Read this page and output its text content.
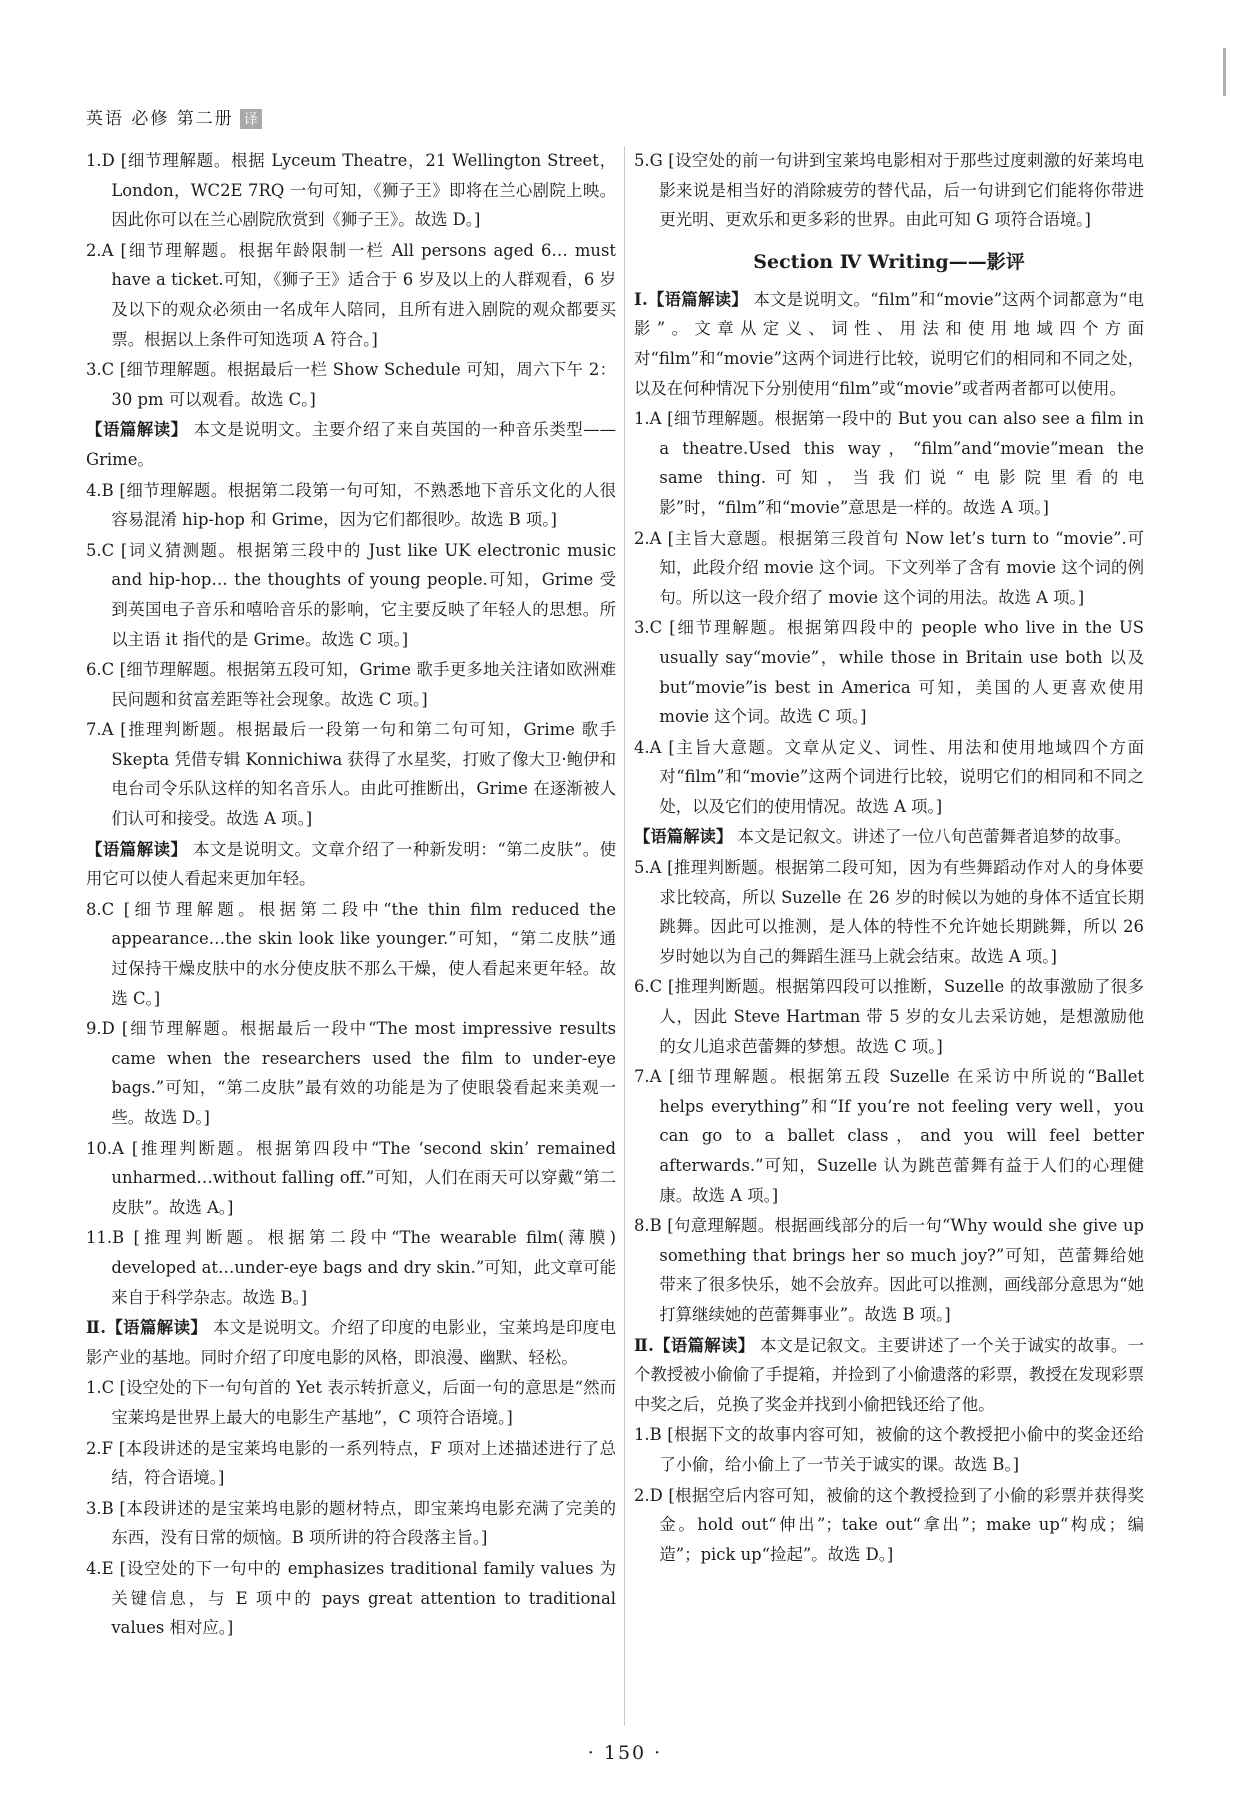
英语 必修 第二册 译
1.D [细节理解题。根据 Lyceum Theatre，21 Wellington Street，London，WC2E 7RQ 一句可知，《狮子王》即将在兰心剧院上映。因此你可以在兰心剧院欣赏到《狮子王》。故选 D。]
2.A [细节理解题。根据年龄限制一栏 All persons aged 6… must have a ticket.可知，《狮子王》适合于 6 岁及以上的人群观看，6 岁及以下的观众必须由一名成年人陪同，且所有进入剧院的观众都要买票。根据以上条件可知选项 A 符合。]
3.C [细节理解题。根据最后一栏 Show Schedule 可知，周六下午 2：30 pm 可以观看。故选 C。]
【语篇解读】 本文是说明文。主要介绍了来自英国的一种音乐类型——Grime。
4.B [细节理解题。根据第二段第一句可知，不熟悉地下音乐文化的人很容易混淆 hip-hop 和 Grime，因为它们都很吵。故选 B 项。]
5.C [词义猜测题。根据第三段中的 Just like UK electronic music and hip-hop… the thoughts of young people.可知，Grime 受到英国电子音乐和嘻哈音乐的影响，它主要反映了年轻人的思想。所以主语 it 指代的是 Grime。故选 C 项。]
6.C [细节理解题。根据第五段可知，Grime 歌手更多地关注诸如欧洲难民问题和贫富差距等社会现象。故选 C 项。]
7.A [推理判断题。根据最后一段第一句和第二句可知，Grime 歌手 Skepta 凭借专辑 Konnichiwa 获得了水星奖，打败了像大卫·鲍伊和电台司令乐队这样的知名音乐人。由此可推断出，Grime 在逐渐被人们认可和接受。故选 A 项。]
【语篇解读】 本文是说明文。文章介绍了一种新发明：“第二皮肤”。使用它可以使人看起来更加年轻。
8.C [细节理解题。根据第二段中“the thin film reduced the appearance…the skin look like younger.”可知，“第二皮肤”通过保持干燥皮肤中的水分使皮肤不那么干燥，使人看起来更年轻。故选 C。]
9.D [细节理解题。根据最后一段中“The most impressive results came when the researchers used the film to under-eye bags.”可知，“第二皮肤”最有效的功能是为了使眼袋看起来美观一些。故选 D。]
10.A [推理判断题。根据第四段中“The ‘second skin’ remained unharmed…without falling off.”可知，人们在雨天可以穿戴“第二皮肤”。故选 A。]
11.B [推理判断题。根据第二段中“The wearable film(薄膜) developed at…under-eye bags and dry skin.”可知，此文章可能来自于科学杂志。故选 B。]
Ⅱ.【语篇解读】 本文是说明文。介绍了印度的电影业，宝莱坞是印度电影产业的基地。同时介绍了印度电影的风格，即浪漫、幽默、轻松。
1.C [设空处的下一句句首的 Yet 表示转折意义，后面一句的意思是“然而宝莱坞是世界上最大的电影生产基地”，C 项符合语境。]
2.F [本段讲述的是宝莱坞电影的一系列特点，F 项对上述描述进行了总结，符合语境。]
3.B [本段讲述的是宝莱坞电影的题材特点，即宝莱坞电影充满了完美的东西，没有日常的烦恼。B 项所讲的符合段落主旨。]
4.E [设空处的下一句中的 emphasizes traditional family values 为关键信息，与 E 项中的 pays great attention to traditional values 相对应。]
5.G [设空处的前一句讲到宝莱坞电影相对于那些过度刺激的好莱坞电影来说是相当好的消除疲劳的替代品，后一句讲到它们能将你带进更光明、更欢乐和更多彩的世界。由此可知 G 项符合语境。]
Section Ⅳ Writing——影评
Ⅰ.【语篇解读】 本文是说明文。“film”和“movie”这两个词都意为“电影”。文章从定义、词性、用法和使用地域四个方面对“film”和“movie”这两个词进行比较，说明它们的相同和不同之处，以及在何种情况下分别使用“film”或“movie”或者两者都可以使用。
1.A [细节理解题。根据第一段中的 But you can also see a film in a theatre.Used this way，“film”and“movie”mean the same thing.可知，当我们说“电影院里看的电影”时，“film”和“movie”意思是一样的。故选 A 项。]
2.A [主旨大意题。根据第三段首句 Now let’s turn to “movie”.可知，此段介绍 movie 这个词。下文列举了含有 movie 这个词的例句。所以这一段介绍了 movie 这个词的用法。故选 A 项。]
3.C [细节理解题。根据第四段中的 people who live in the US usually say“movie”，while those in Britain use both 以及 but“movie”is best in America 可知，美国的人更喜欢使用 movie 这个词。故选 C 项。]
4.A [主旨大意题。文章从定义、词性、用法和使用地域四个方面对“film”和“movie”这两个词进行比较，说明它们的相同和不同之处，以及它们的使用情况。故选 A 项。]
【语篇解读】 本文是记叙文。讲述了一位八旬芭蕾舞者追梦的故事。
5.A [推理判断题。根据第二段可知，因为有些舞蹈动作对人的身体要求比较高，所以 Suzelle 在 26 岁的时候以为她的身体不适宜长期跳舞。因此可以推测，是人体的特性不允许她长期跳舞，所以 26 岁时她以为自己的舞蹈生涯马上就会结束。故选 A 项。]
6.C [推理判断题。根据第四段可以推断，Suzelle 的故事激励了很多人，因此 Steve Hartman 带 5 岁的女儿去采访她，是想激励他的女儿追求芭蕾舞的梦想。故选 C 项。]
7.A [细节理解题。根据第五段 Suzelle 在采访中所说的“Ballet helps everything”和“If you’re not feeling very well，you can go to a ballet class，and you will feel better afterwards.”可知，Suzelle 认为跳芭蕾舞有益于人们的心理健康。故选 A 项。]
8.B [句意理解题。根据画线部分的后一句“Why would she give up something that brings her so much joy?”可知，芭蕾舞给她带来了很多快乐，她不会放弃。因此可以推测，画线部分意思为“她打算继续她的芭蕾舞事业”。故选 B 项。]
Ⅱ.【语篇解读】 本文是记叙文。主要讲述了一个关于诚实的故事。一个教授被小偷偷了手提箱，并捡到了小偷遗落的彩票，教授在发现彩票中奖之后，兑换了奖金并找到小偷把钱还给了他。
1.B [根据下文的故事内容可知，被偷的这个教授把小偷中的奖金还给了小偷，给小偷上了一节关于诚实的课。故选 B。]
2.D [根据空后内容可知，被偷的这个教授捡到了小偷的彩票并获得奖金。hold out“伸出”；take out“拿出”；make up“构成；编造”；pick up“捡起”。故选 D。]
· 150 ·
